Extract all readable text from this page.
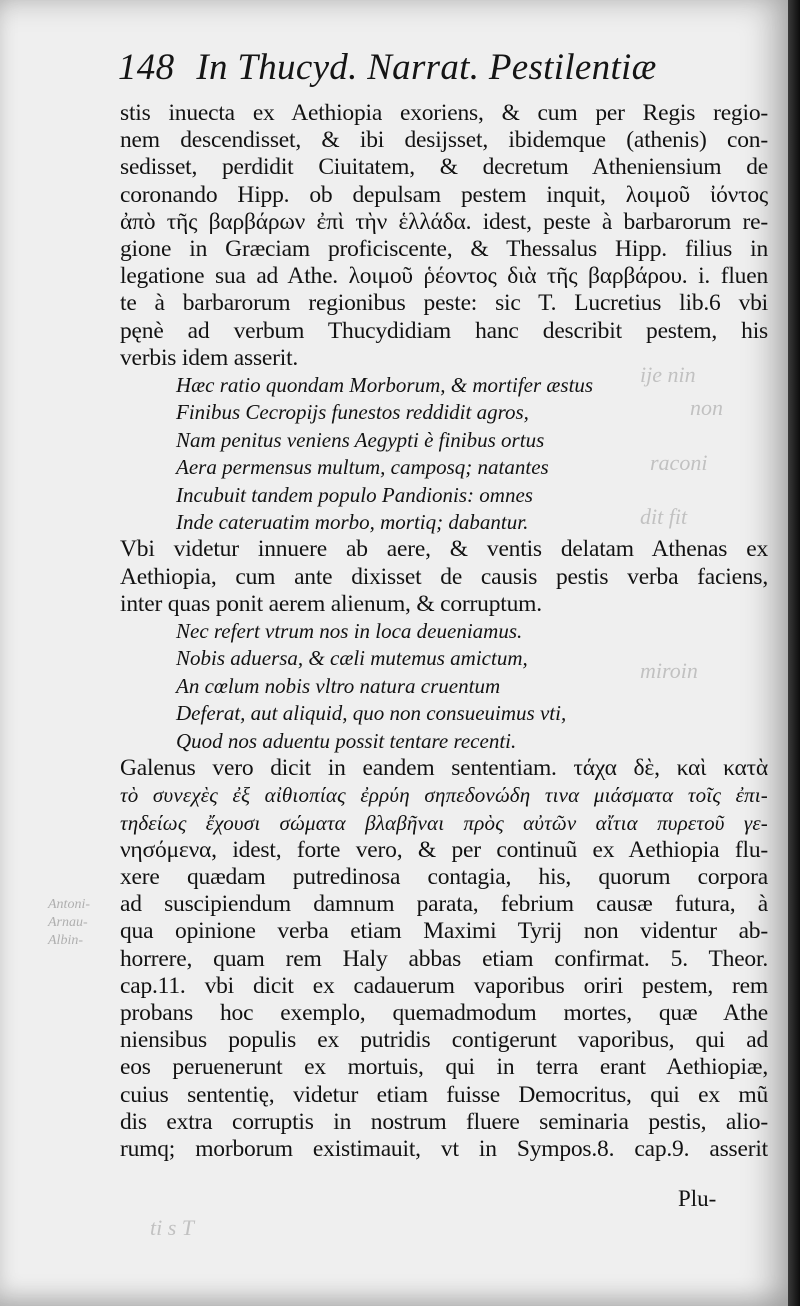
ije nin
non
raconi
dit fit
miroin
ti s T
Antoni-
Arnau-
Albin-
148 In Thucyd. Narrat. Pestilentiæ
stis inuecta ex Aethiopia exoriens, & cum per Regis regio-
nem descendisset, & ibi desijsset, ibidemque (athenis) con-
sedisset, perdidit Ciuitatem, & decretum Atheniensium de
coronando Hipp. ob depulsam pestem inquit, λοιμοῦ ἰόντος
ἀπὸ τῆς βαρβάρων ἐπὶ τὴν ἑλλάδα. idest, peste à barbarorum re-
gione in Græciam proficiscente, & Thessalus Hipp. filius in
legatione sua ad Athe. λοιμοῦ ῥέοντος διὰ τῆς βαρβάρου. i. fluen
te à barbarorum regionibus peste: sic T. Lucretius lib.6 vbi
pęnè ad verbum Thucydidiam hanc describit pestem, his
verbis idem asserit.
Hæc ratio quondam Morborum, & mortifer æstus
Finibus Cecropijs funestos reddidit agros,
Nam penitus veniens Aegypti è finibus ortus
Aera permensus multum, camposq; natantes
Incubuit tandem populo Pandionis: omnes
Inde cateruatim morbo, mortiq; dabantur.
Vbi videtur innuere ab aere, & ventis delatam Athenas ex
Aethiopia, cum ante dixisset de causis pestis verba faciens,
inter quas ponit aerem alienum, & corruptum.
Nec refert vtrum nos in loca deueniamus.
Nobis aduersa, & cæli mutemus amictum,
An cœlum nobis vltro natura cruentum
Deferat, aut aliquid, quo non consueuimus vti,
Quod nos aduentu possit tentare recenti.
Galenus vero dicit in eandem sententiam. τάχα δὲ, καὶ κατὰ
τὸ συνεχὲς ἐξ αἰθιοπίας ἐρρύη σηπεδονώδη τινα μιάσματα τοῖς ἐπι-
τηδείως ἔχουσι σώματα βλαβῆναι πρὸς αὐτῶν αἴτια πυρετοῦ γε-
νησόμενα, idest, forte vero, & per continuũ ex Aethiopia flu-
xere quædam putredinosa contagia, his, quorum corpora
ad suscipiendum damnum parata, febrium causæ futura, à
qua opinione verba etiam Maximi Tyrij non videntur ab-
horrere, quam rem Haly abbas etiam confirmat. 5. Theor.
cap.11. vbi dicit ex cadauerum vaporibus oriri pestem, rem
probans hoc exemplo, quemadmodum mortes, quæ Athe
niensibus populis ex putridis contigerunt vaporibus, qui ad
eos peruenerunt ex mortuis, qui in terra erant Aethiopiæ,
cuius sententię, videtur etiam fuisse Democritus, qui ex mũ
dis extra corruptis in nostrum fluere seminaria pestis, alio-
rumq; morborum existimauit, vt in Sympos.8. cap.9. asserit
Plu-
